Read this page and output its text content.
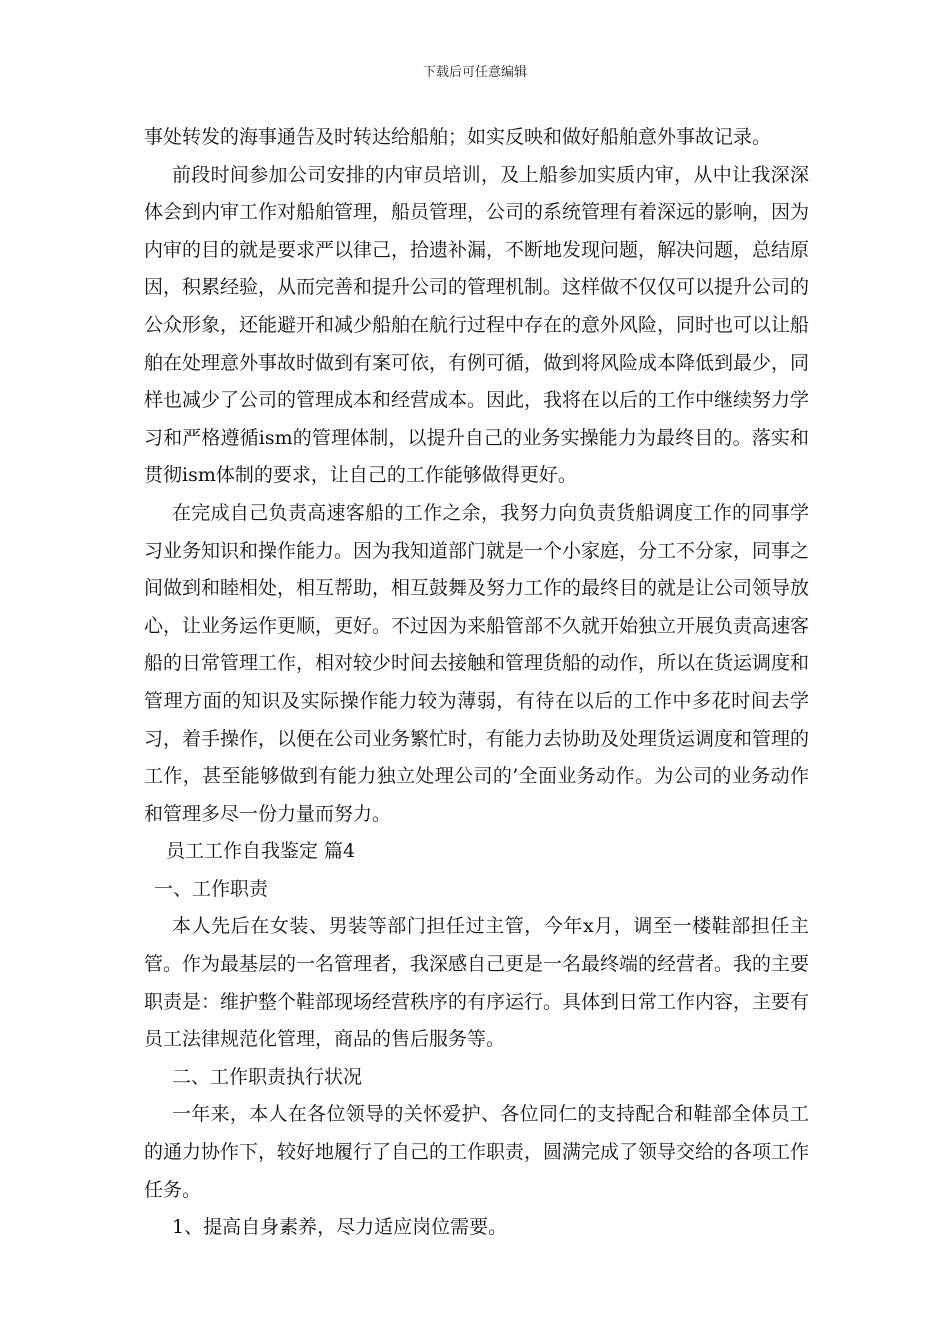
下载后可任意编辑

事处转发的海事通告及时转达给船舶；如实反映和做好船舶意外事故记录。

前段时间参加公司安排的内审员培训，及上船参加实质内审，从中让我深深体会到内审工作对船舶管理，船员管理，公司的系统管理有着深远的影响，因为内审的目的就是要求严以律己，拾遗补漏，不断地发现问题，解决问题，总结原因，积累经验，从而完善和提升公司的管理机制。这样做不仅仅可以提升公司的公众形象，还能避开和减少船舶在航行过程中存在的意外风险，同时也可以让船舶在处理意外事故时做到有案可依，有例可循，做到将风险成本降低到最少，同样也减少了公司的管理成本和经营成本。因此，我将在以后的工作中继续努力学习和严格遵循ism的管理体制，以提升自己的业务实操能力为最终目的。落实和贯彻ism体制的要求，让自己的工作能够做得更好。

在完成自己负责高速客船的工作之余，我努力向负责货船调度工作的同事学习业务知识和操作能力。因为我知道部门就是一个小家庭，分工不分家，同事之间做到和睦相处，相互帮助，相互鼓舞及努力工作的最终目的就是让公司领导放心，让业务运作更顺，更好。不过因为来船管部不久就开始独立开展负责高速客船的日常管理工作，相对较少时间去接触和管理货船的动作，所以在货运调度和管理方面的知识及实际操作能力较为薄弱，有待在以后的工作中多花时间去学习，着手操作，以便在公司业务繁忙时，有能力去协助及处理货运调度和管理的工作，甚至能够做到有能力独立处理公司的’全面业务动作。为公司的业务动作和管理多尽一份力量而努力。

员工工作自我鉴定 篇4

一、工作职责

本人先后在女装、男装等部门担任过主管，今年x月，调至一楼鞋部担任主管。作为最基层的一名管理者，我深感自己更是一名最终端的经营者。我的主要职责是：维护整个鞋部现场经营秩序的有序运行。具体到日常工作内容，主要有员工法律规范化管理，商品的售后服务等。

二、工作职责执行状况

一年来，本人在各位领导的关怀爱护、各位同仁的支持配合和鞋部全体员工的通力协作下，较好地履行了自己的工作职责，圆满完成了领导交给的各项工作任务。

1、提高自身素养，尽力适应岗位需要。
